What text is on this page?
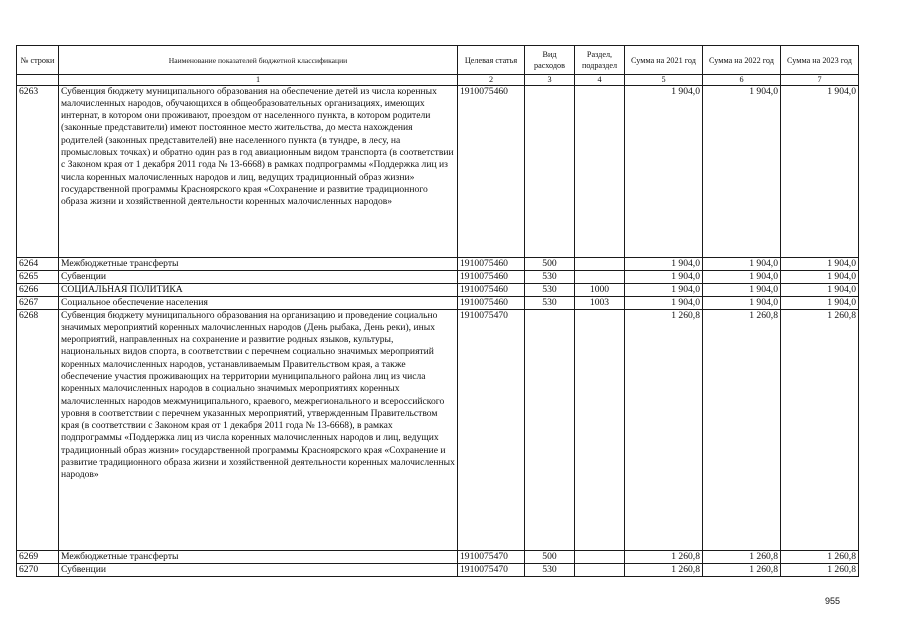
№ строки	Наименование показателей бюджетной классификации	Целевая статья	Вид расходов	Раздел, подраздел	Сумма на 2021 год	Сумма на 2022 год	Сумма на 2023 год
	1	2	3	4	5	6	7
6263	Субвенция бюджету муниципального образования на обеспечение детей из числа коренных малочисленных народов, обучающихся в общеобразовательных организациях, имеющих интернат, в котором они проживают, проездом от населенного пункта, в котором родители (законные представители) имеют постоянное место жительства, до места нахождения родителей (законных представителей) вне населенного пункта (в тундре, в лесу, на промысловых точках) и обратно один раз в год авиационным видом транспорта (в соответствии с Законом края от 1 декабря 2011 года № 13-6668) в рамках подпрограммы «Поддержка лиц из числа коренных малочисленных народов и лиц, ведущих традиционный образ жизни» государственной программы Красноярского края «Сохранение и развитие традиционного образа жизни и хозяйственной деятельности коренных малочисленных народов»	1910075460			1 904,0	1 904,0	1 904,0
6264	Межбюджетные трансферты	1910075460	500		1 904,0	1 904,0	1 904,0
6265	Субвенции	1910075460	530		1 904,0	1 904,0	1 904,0
6266	СОЦИАЛЬНАЯ ПОЛИТИКА	1910075460	530	1000	1 904,0	1 904,0	1 904,0
6267	Социальное обеспечение населения	1910075460	530	1003	1 904,0	1 904,0	1 904,0
6268	Субвенция бюджету муниципального образования на организацию и проведение социально значимых мероприятий коренных малочисленных народов (День рыбака, День реки), иных мероприятий, направленных на сохранение и развитие родных языков, культуры, национальных видов спорта, в соответствии с перечнем социально значимых мероприятий коренных малочисленных народов, устанавливаемым Правительством края, а также обеспечение участия проживающих на территории муниципального района лиц из числа коренных малочисленных народов в социально значимых мероприятиях коренных малочисленных народов межмуниципального, краевого, межрегионального и всероссийского уровня в соответствии с перечнем указанных мероприятий, утвержденным Правительством края (в соответствии с Законом края от 1 декабря 2011 года № 13-6668), в рамках подпрограммы «Поддержка лиц из числа коренных малочисленных народов и лиц, ведущих традиционный образ жизни» государственной программы Красноярского края «Сохранение и развитие традиционного образа жизни и хозяйственной деятельности коренных малочисленных народов»	1910075470			1 260,8	1 260,8	1 260,8
6269	Межбюджетные трансферты	1910075470	500		1 260,8	1 260,8	1 260,8
6270	Субвенции	1910075470	530		1 260,8	1 260,8	1 260,8
955
